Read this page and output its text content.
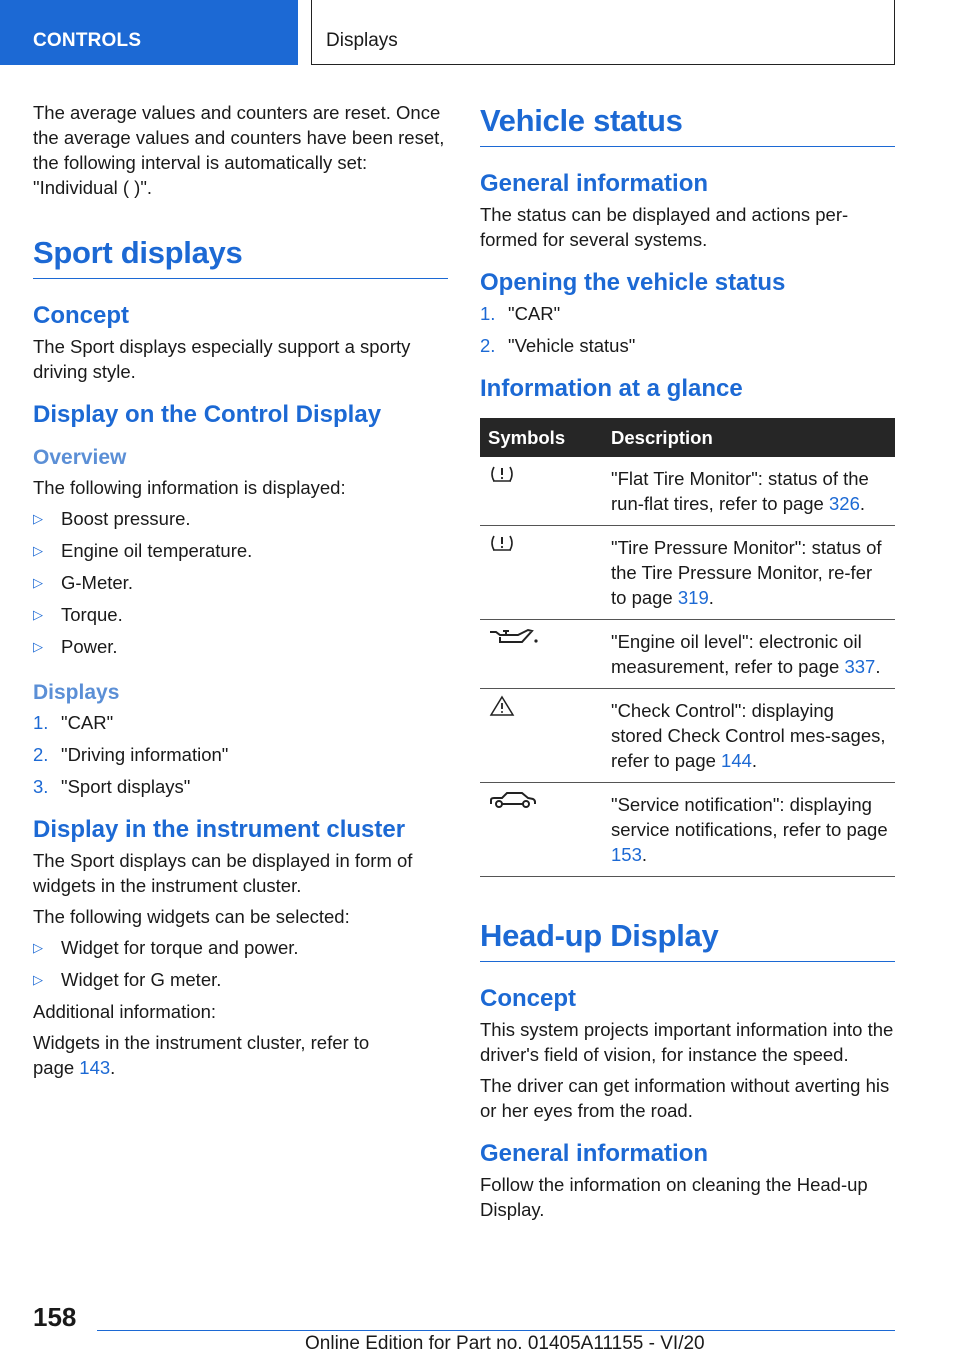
CONTROLS	Displays

The average values and counters are reset. Once the average values and counters have been reset, the following interval is automatically set: "Individual ( )".

Sport displays
Concept

The Sport displays especially support a sporty driving style.

Display on the Control Display
Overview

The following information is displayed:

▷ Boost pressure.
▷ Engine oil temperature.
▷ G-Meter.
▷ Torque.
▷ Power.
Displays
1. "CAR"
2. "Driving information"
3. "Sport displays"
Display in the instrument cluster

The Sport displays can be displayed in form of widgets in the instrument cluster.

The following widgets can be selected:

▷ Widget for torque and power.
▷ Widget for G meter.

Additional information:

Widgets in the instrument cluster, refer to page 143.

Vehicle status
General information

The status can be displayed and actions per-formed for several systems.

Opening the vehicle status
1. "CAR"
2. "Vehicle status"
Information at a glance
Symbols	Description
	"Flat Tire Monitor": status of the run-flat tires, refer to page 326.
	"Tire Pressure Monitor": status of the Tire Pressure Monitor, re-fer to page 319.
	"Engine oil level": electronic oil measurement, refer to page 337.
	"Check Control": displaying stored Check Control mes-sages, refer to page 144.
	"Service notification": displaying service notifications, refer to page 153.
Head-up Display
Concept

This system projects important information into the driver's field of vision, for instance the speed.

The driver can get information without averting his or her eyes from the road.

General information

Follow the information on cleaning the Head-up Display.

158
Online Edition for Part no. 01405A11155 - VI/20
